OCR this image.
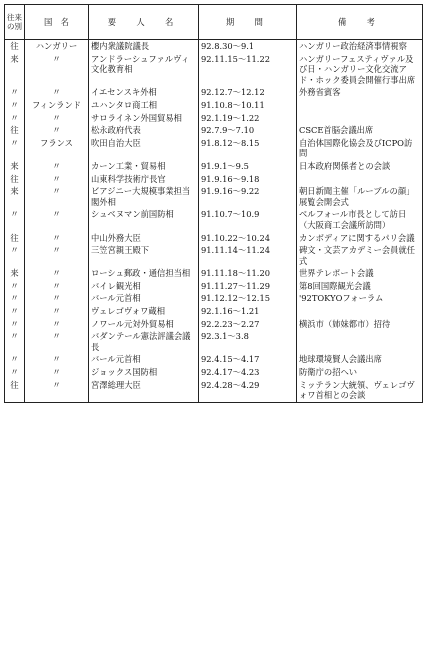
往来の別	国　名	要　人　名	期　間	備　考
往	ハンガリー	櫻内衆議院議長	92.8.30～9.1	ハンガリー政治経済事情視察
来	〃	アンドラーシュファルヴィ文化教育相	92.11.15～11.22	ハンガリーフェスティヴァル及び日・ハンガリー文化交流アド・ホック委員会開催行事出席
〃	〃	イエセンスキ外相	92.12.7～12.12	外務省賓客
〃	フィンランド	ユハンタロ商工相	91.10.8～10.11	
〃	〃	サロライネン外国貿易相	92.1.19～1.22	
往	〃	松永政府代表	92.7.9～7.10	CSCE首脳会議出席
〃	フランス	吹田自治大臣	91.8.12～8.15	自治体国際化協会及びICPO訪問
来	〃	カーン工業・貿易相	91.9.1～9.5	日本政府関係者との会談
往	〃	山東科学技術庁長官	91.9.16～9.18	
来	〃	ビアジニー大規模事業担当閣外相	91.9.16～9.22	朝日新聞主催「ルーブルの顔」展覧会開会式
〃	〃	シュベヌマン前国防相	91.10.7～10.9	ベルフォール市長として訪日（大阪商工会議所訪問）
往	〃	中山外務大臣	91.10.22～10.24	カンボディアに関するパリ会議
〃	〃	三笠宮親王殿下	91.11.14～11.24	碑文・文芸アカデミー会員就任式
来	〃	ローシュ郵政・通信担当相	91.11.18～11.20	世界テレポート会議
〃	〃	バイレ観光相	91.11.27～11.29	第8回国際観光会議
〃	〃	バール元首相	91.12.12～12.15	'92TOKYOフォーラム
〃	〃	ヴェレゴヴォワ蔵相	92.1.16～1.21	
〃	〃	ノワール元対外貿易相	92.2.23～2.27	横浜市（姉妹都市）招待
〃	〃	バダンテール憲法評議会議長	92.3.1～3.8	
〃	〃	バール元首相	92.4.15～4.17	地球環境賢人会議出席
〃	〃	ジョックス国防相	92.4.17～4.23	防衛庁の招へい
往	〃	宮澤総理大臣	92.4.28～4.29	ミッテラン大統領、ヴェレゴヴォワ首相との会談
